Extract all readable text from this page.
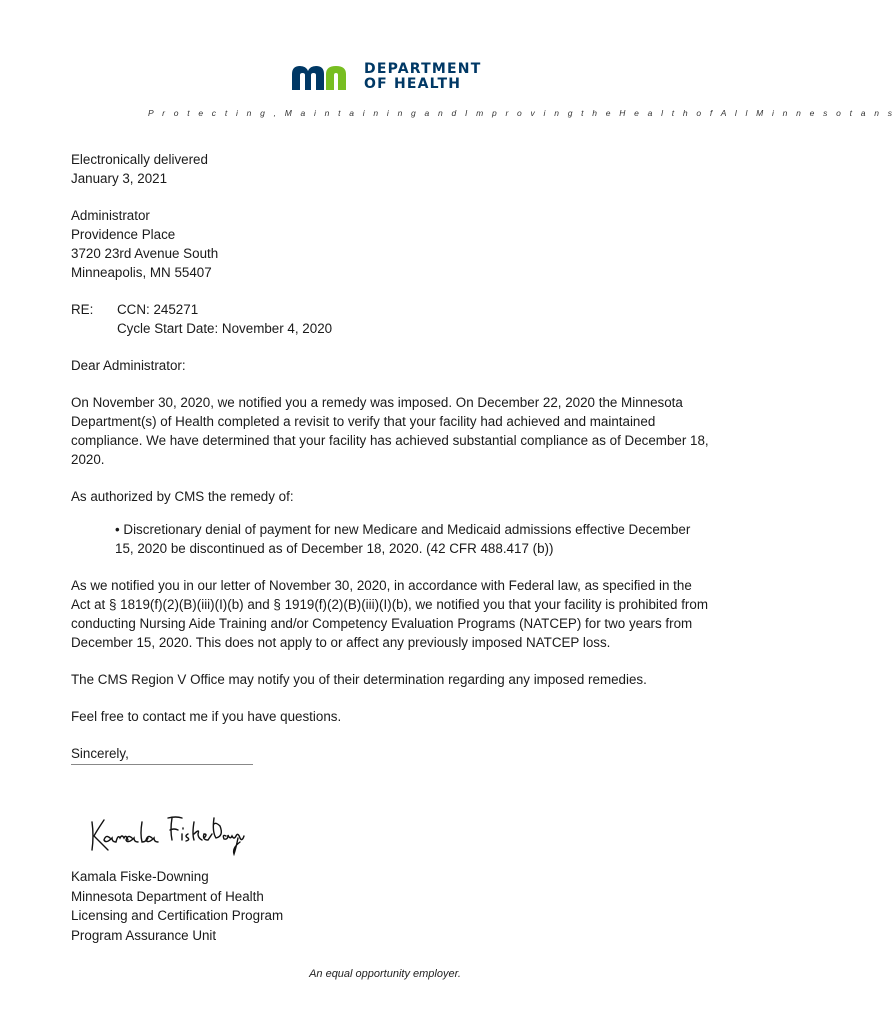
DEPARTMENT
OF HEALTH
P r o t e c t i n g , M a i n t a i n i n g a n d I m p r o v i n g t h e H e a l t h o f A l l M i n n e s o t a n s

Electronically delivered
January 3, 2021

Administrator
Providence Place
3720 23rd Avenue South
Minneapolis, MN 55407

RE:	CCN: 245271
Cycle Start Date: November 4, 2020

Dear Administrator:

On November 30, 2020, we notified you a remedy was imposed. On December 22, 2020 the Minnesota Department(s) of Health completed a revisit to verify that your facility had achieved and maintained compliance. We have determined that your facility has achieved substantial compliance as of December 18, 2020.

As authorized by CMS the remedy of:

• Discretionary denial of payment for new Medicare and Medicaid admissions effective December 15, 2020 be discontinued as of December 18, 2020. (42 CFR 488.417 (b))

As we notified you in our letter of November 30, 2020, in accordance with Federal law, as specified in the Act at § 1819(f)(2)(B)(iii)(I)(b) and § 1919(f)(2)(B)(iii)(I)(b), we notified you that your facility is prohibited from conducting Nursing Aide Training and/or Competency Evaluation Programs (NATCEP) for two years from December 15, 2020. This does not apply to or affect any previously imposed NATCEP loss.

The CMS Region V Office may notify you of their determination regarding any imposed remedies.

Feel free to contact me if you have questions.

Sincerely,

Kamala Fiske-Downing
Minnesota Department of Health
Licensing and Certification Program
Program Assurance Unit
An equal opportunity employer.
